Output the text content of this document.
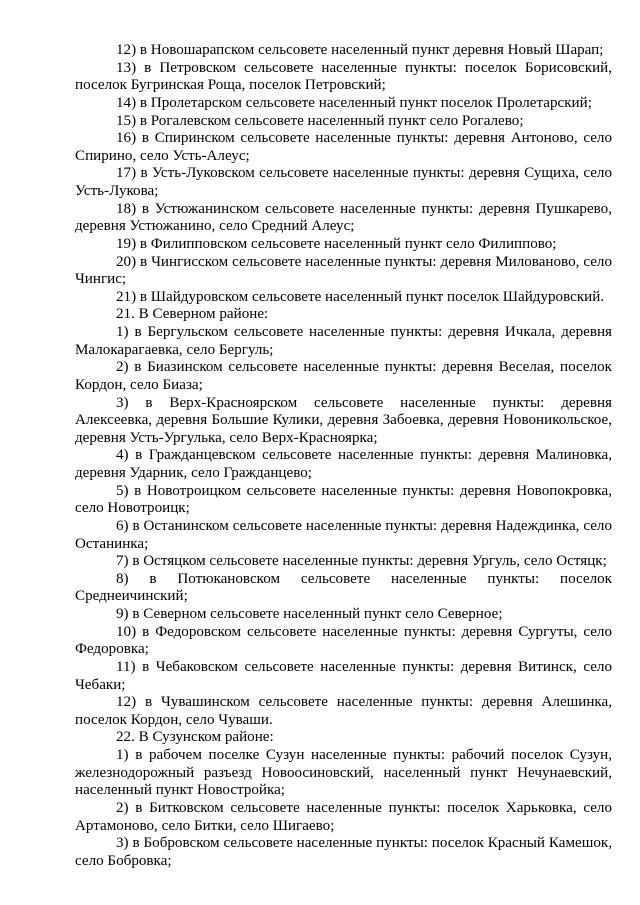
12) в Новошарапском сельсовете населенный пункт деревня Новый Шарап;

13) в Петровском сельсовете населенные пункты: поселок Борисовский, поселок Бугринская Роща, поселок Петровский;

14) в Пролетарском сельсовете населенный пункт поселок Пролетарский;

15) в Рогалевском сельсовете населенный пункт село Рогалево;

16) в Спиринском сельсовете населенные пункты: деревня Антоново, село Спирино, село Усть-Алеус;

17) в Усть-Луковском сельсовете населенные пункты: деревня Сущиха, село Усть-Лукова;

18) в Устюжанинском сельсовете населенные пункты: деревня Пушкарево, деревня Устюжанино, село Средний Алеус;

19) в Филипповском сельсовете населенный пункт село Филиппово;

20) в Чингисском сельсовете населенные пункты: деревня Милованово, село Чингис;

21) в Шайдуровском сельсовете населенный пункт поселок Шайдуровский.

21. В Северном районе:

1) в Бергульском сельсовете населенные пункты: деревня Ичкала, деревня Малокарагаевка, село Бергуль;

2) в Биазинском сельсовете населенные пункты: деревня Веселая, поселок Кордон, село Биаза;

3) в Верх-Красноярском сельсовете населенные пункты: деревня Алексеевка, деревня Большие Кулики, деревня Забоевка, деревня Новоникольское, деревня Усть-Ургулька, село Верх-Красноярка;

4) в Гражданцевском сельсовете населенные пункты: деревня Малиновка, деревня Ударник, село Гражданцево;

5) в Новотроицком сельсовете населенные пункты: деревня Новопокровка, село Новотроицк;

6) в Останинском сельсовете населенные пункты: деревня Надеждинка, село Останинка;

7) в Остяцком сельсовете населенные пункты: деревня Ургуль, село Остяцк;

8) в Потюкановском сельсовете населенные пункты: поселок Среднеичинский;

9) в Северном сельсовете населенный пункт село Северное;

10) в Федоровском сельсовете населенные пункты: деревня Сургуты, село Федоровка;

11) в Чебаковском сельсовете населенные пункты: деревня Витинск, село Чебаки;

12) в Чувашинском сельсовете населенные пункты: деревня Алешинка, поселок Кордон, село Чуваши.

22. В Сузунском районе:

1) в рабочем поселке Сузун населенные пункты: рабочий поселок Сузун, железнодорожный разъезд Новоосиновский, населенный пункт Нечунаевский, населенный пункт Новостройка;

2) в Битковском сельсовете населенные пункты: поселок Харьковка, село Артамоново, село Битки, село Шигаево;

3) в Бобровском сельсовете населенные пункты: поселок Красный Камешок, село Бобровка;
